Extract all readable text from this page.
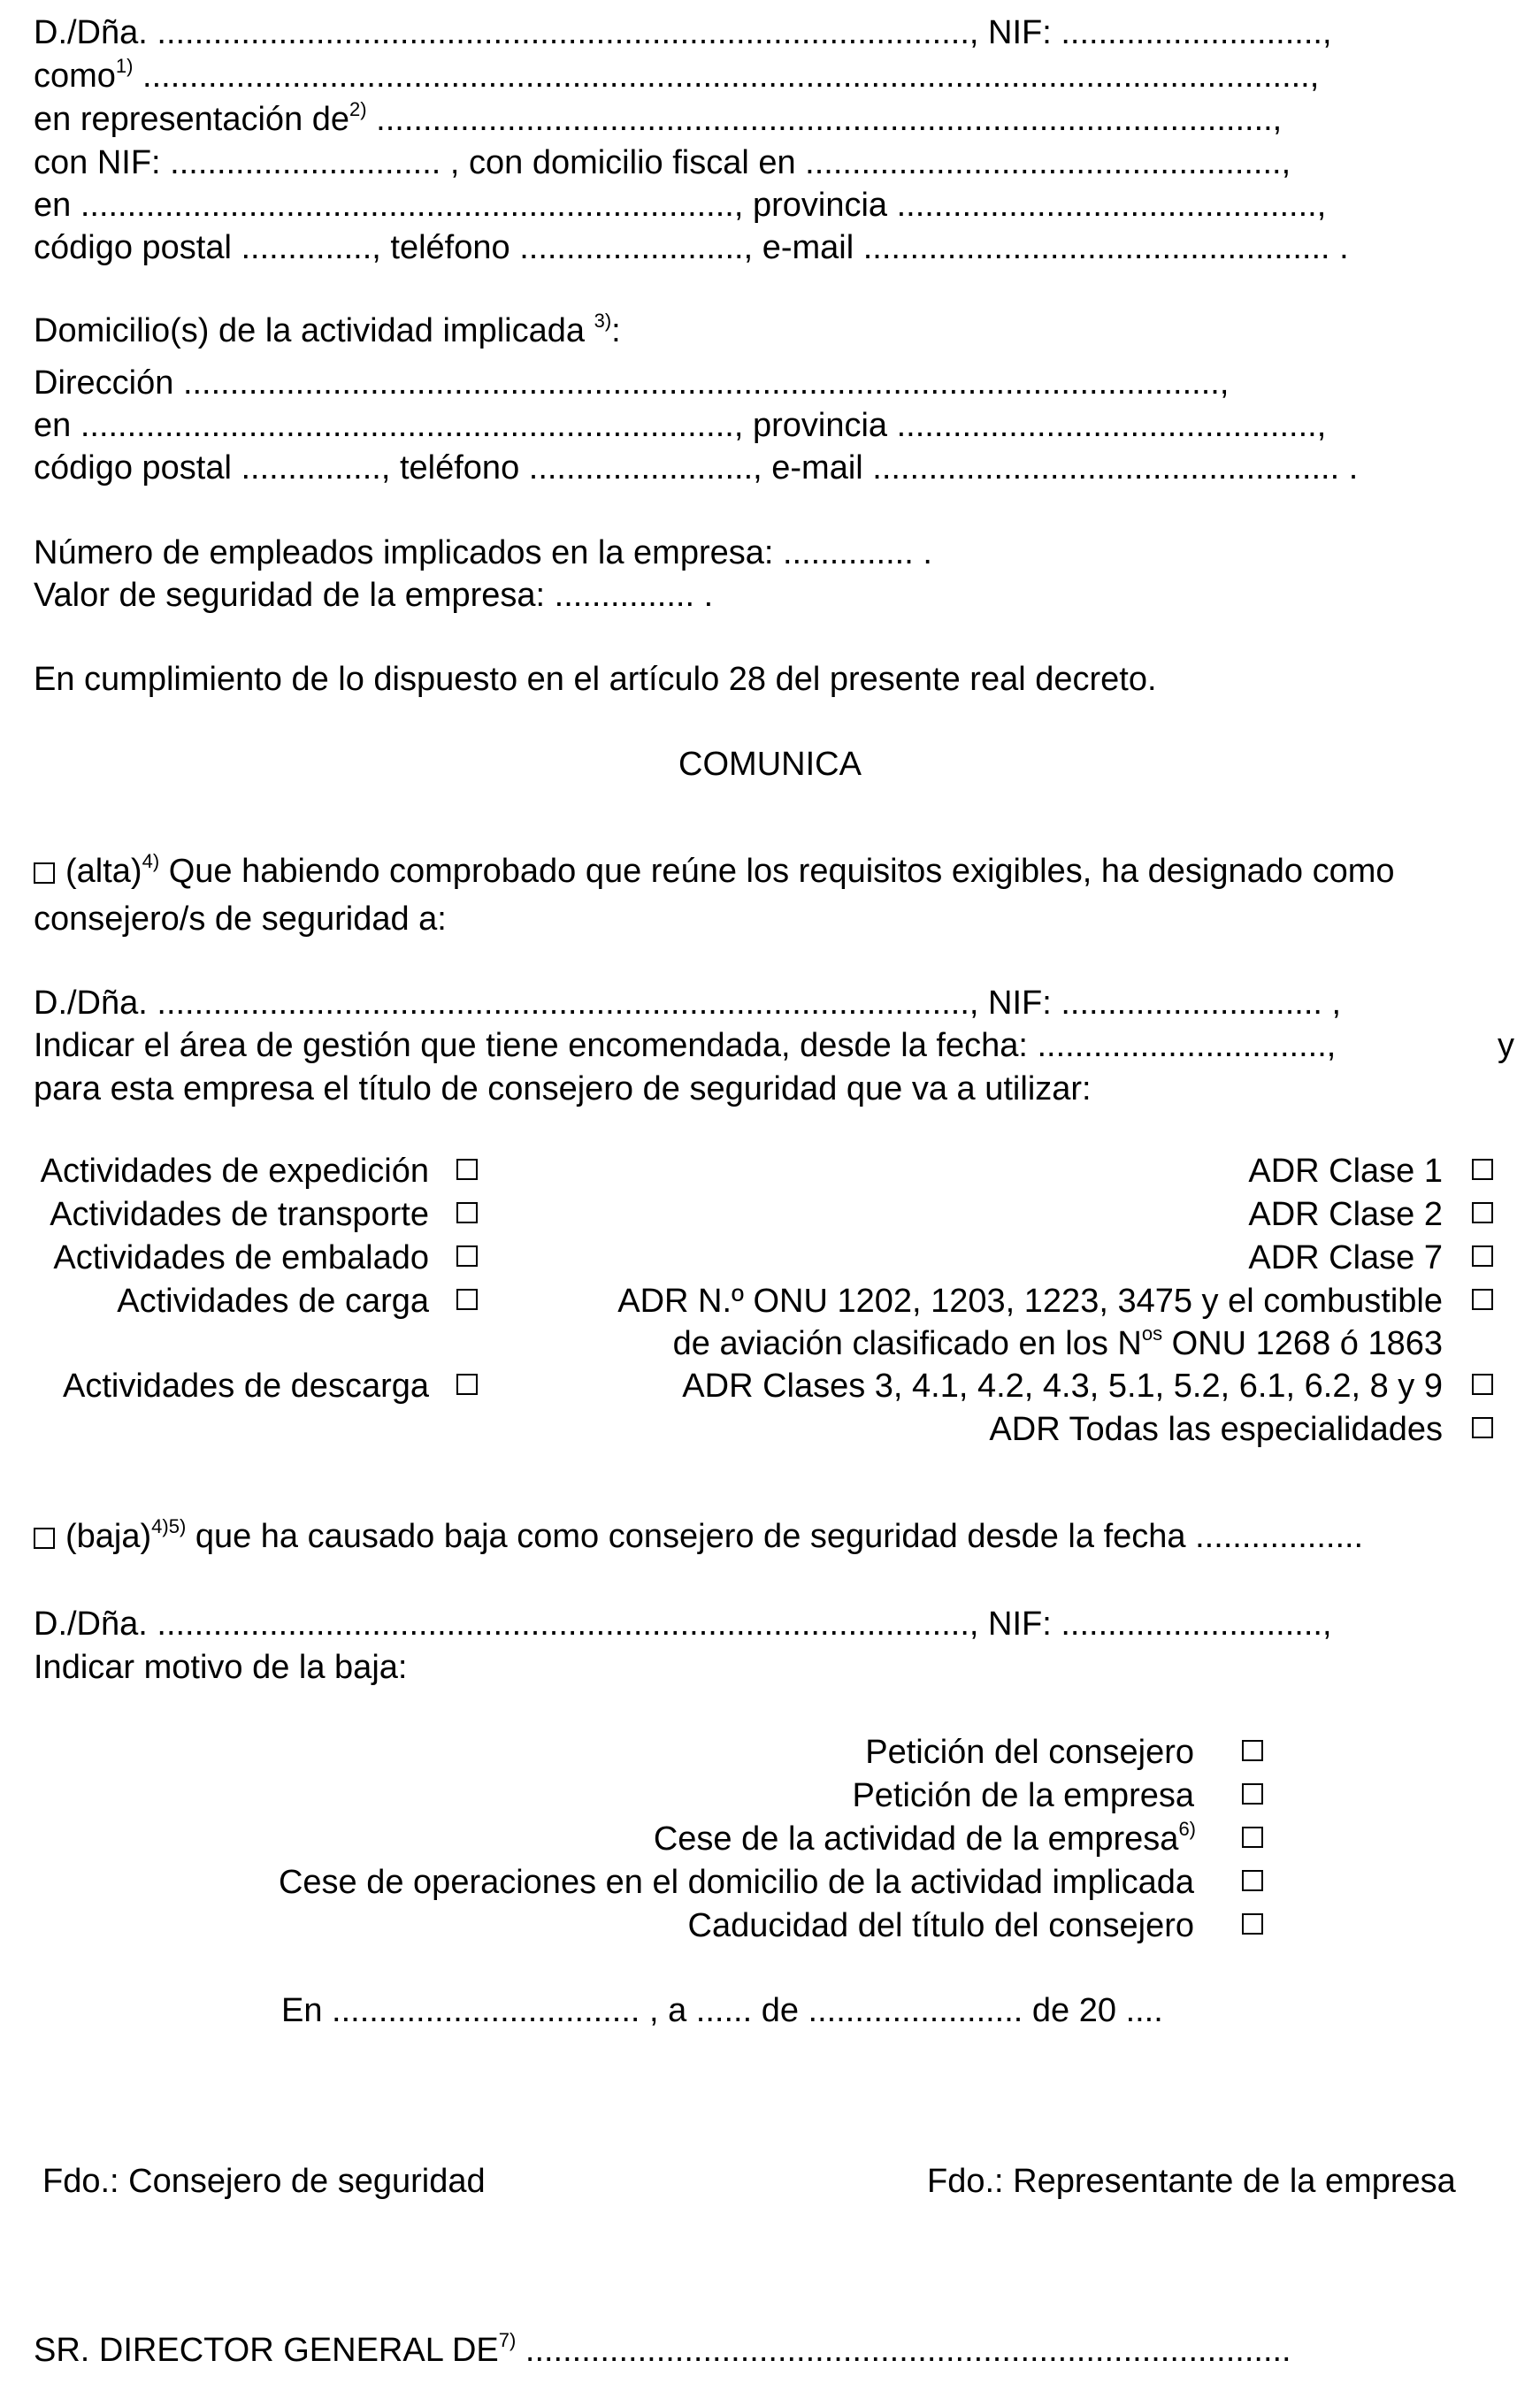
D./Dña. ......................................................................................., NIF: ............................,
como$^{1)}$ .............................................................................................................................,
en representación $de^{2)}$ ................................................................................................,
con NIF: ............................. , con domicilio fiscal en ...................................................,
en ......................................................................, provincia .............................................,
código postal .............., teléfono ........................, e-mail .................................................. .
Domicilio(s) de la actividad implicada $^{3)}$:
Dirección ...............................................................................................................,
en ......................................................................, provincia .............................................,
código postal ..............., teléfono ........................, e-mail .................................................. .
Número de empleados implicados en la empresa: .............. .
Valor de seguridad de la empresa: ............... .
En cumplimiento de lo dispuesto en el artículo 28 del presente real decreto.
COMUNICA
(alta)$^{4)}$ Que habiendo comprobado que reúne los requisitos exigibles, ha designado como
consejero/s de seguridad a:
D./Dña. ......................................................................................., NIF: ............................ ,
Indicar el área de gestión que tiene encomendada, desde la fecha: ...............................,	y
para esta empresa el título de consejero de seguridad que va a utilizar:
Actividades de expedición
Actividades de transporte
Actividades de embalado
Actividades de carga
Actividades de descarga
ADR Clase 1
ADR Clase 2
ADR Clase 7
ADR N.º ONU 1202, 1203, 1223, 3475 y el combustible
de aviación clasificado en los $N^{os}$ ONU 1268 ó 1863
ADR Clases 3, 4.1, 4.2, 4.3, 5.1, 5.2, 6.1, 6.2, 8 y 9
ADR Todas las especialidades
(baja)$^{4)5)}$ que ha causado baja como consejero de seguridad desde la fecha ..................
D./Dña. ......................................................................................., NIF: ............................,
Indicar motivo de la baja:
Petición del consejero
Petición de la empresa
Cese de la actividad de la empresa$^{6)}$
Cese de operaciones en el domicilio de la actividad implicada
Caducidad del título del consejero
En ................................. , a ...... de ....................... de 20 ....
Fdo.: Consejero de seguridad	Fdo.: Representante de la empresa
SR. DIRECTOR GENERAL DE$^{7)}$ ..................................................................................
